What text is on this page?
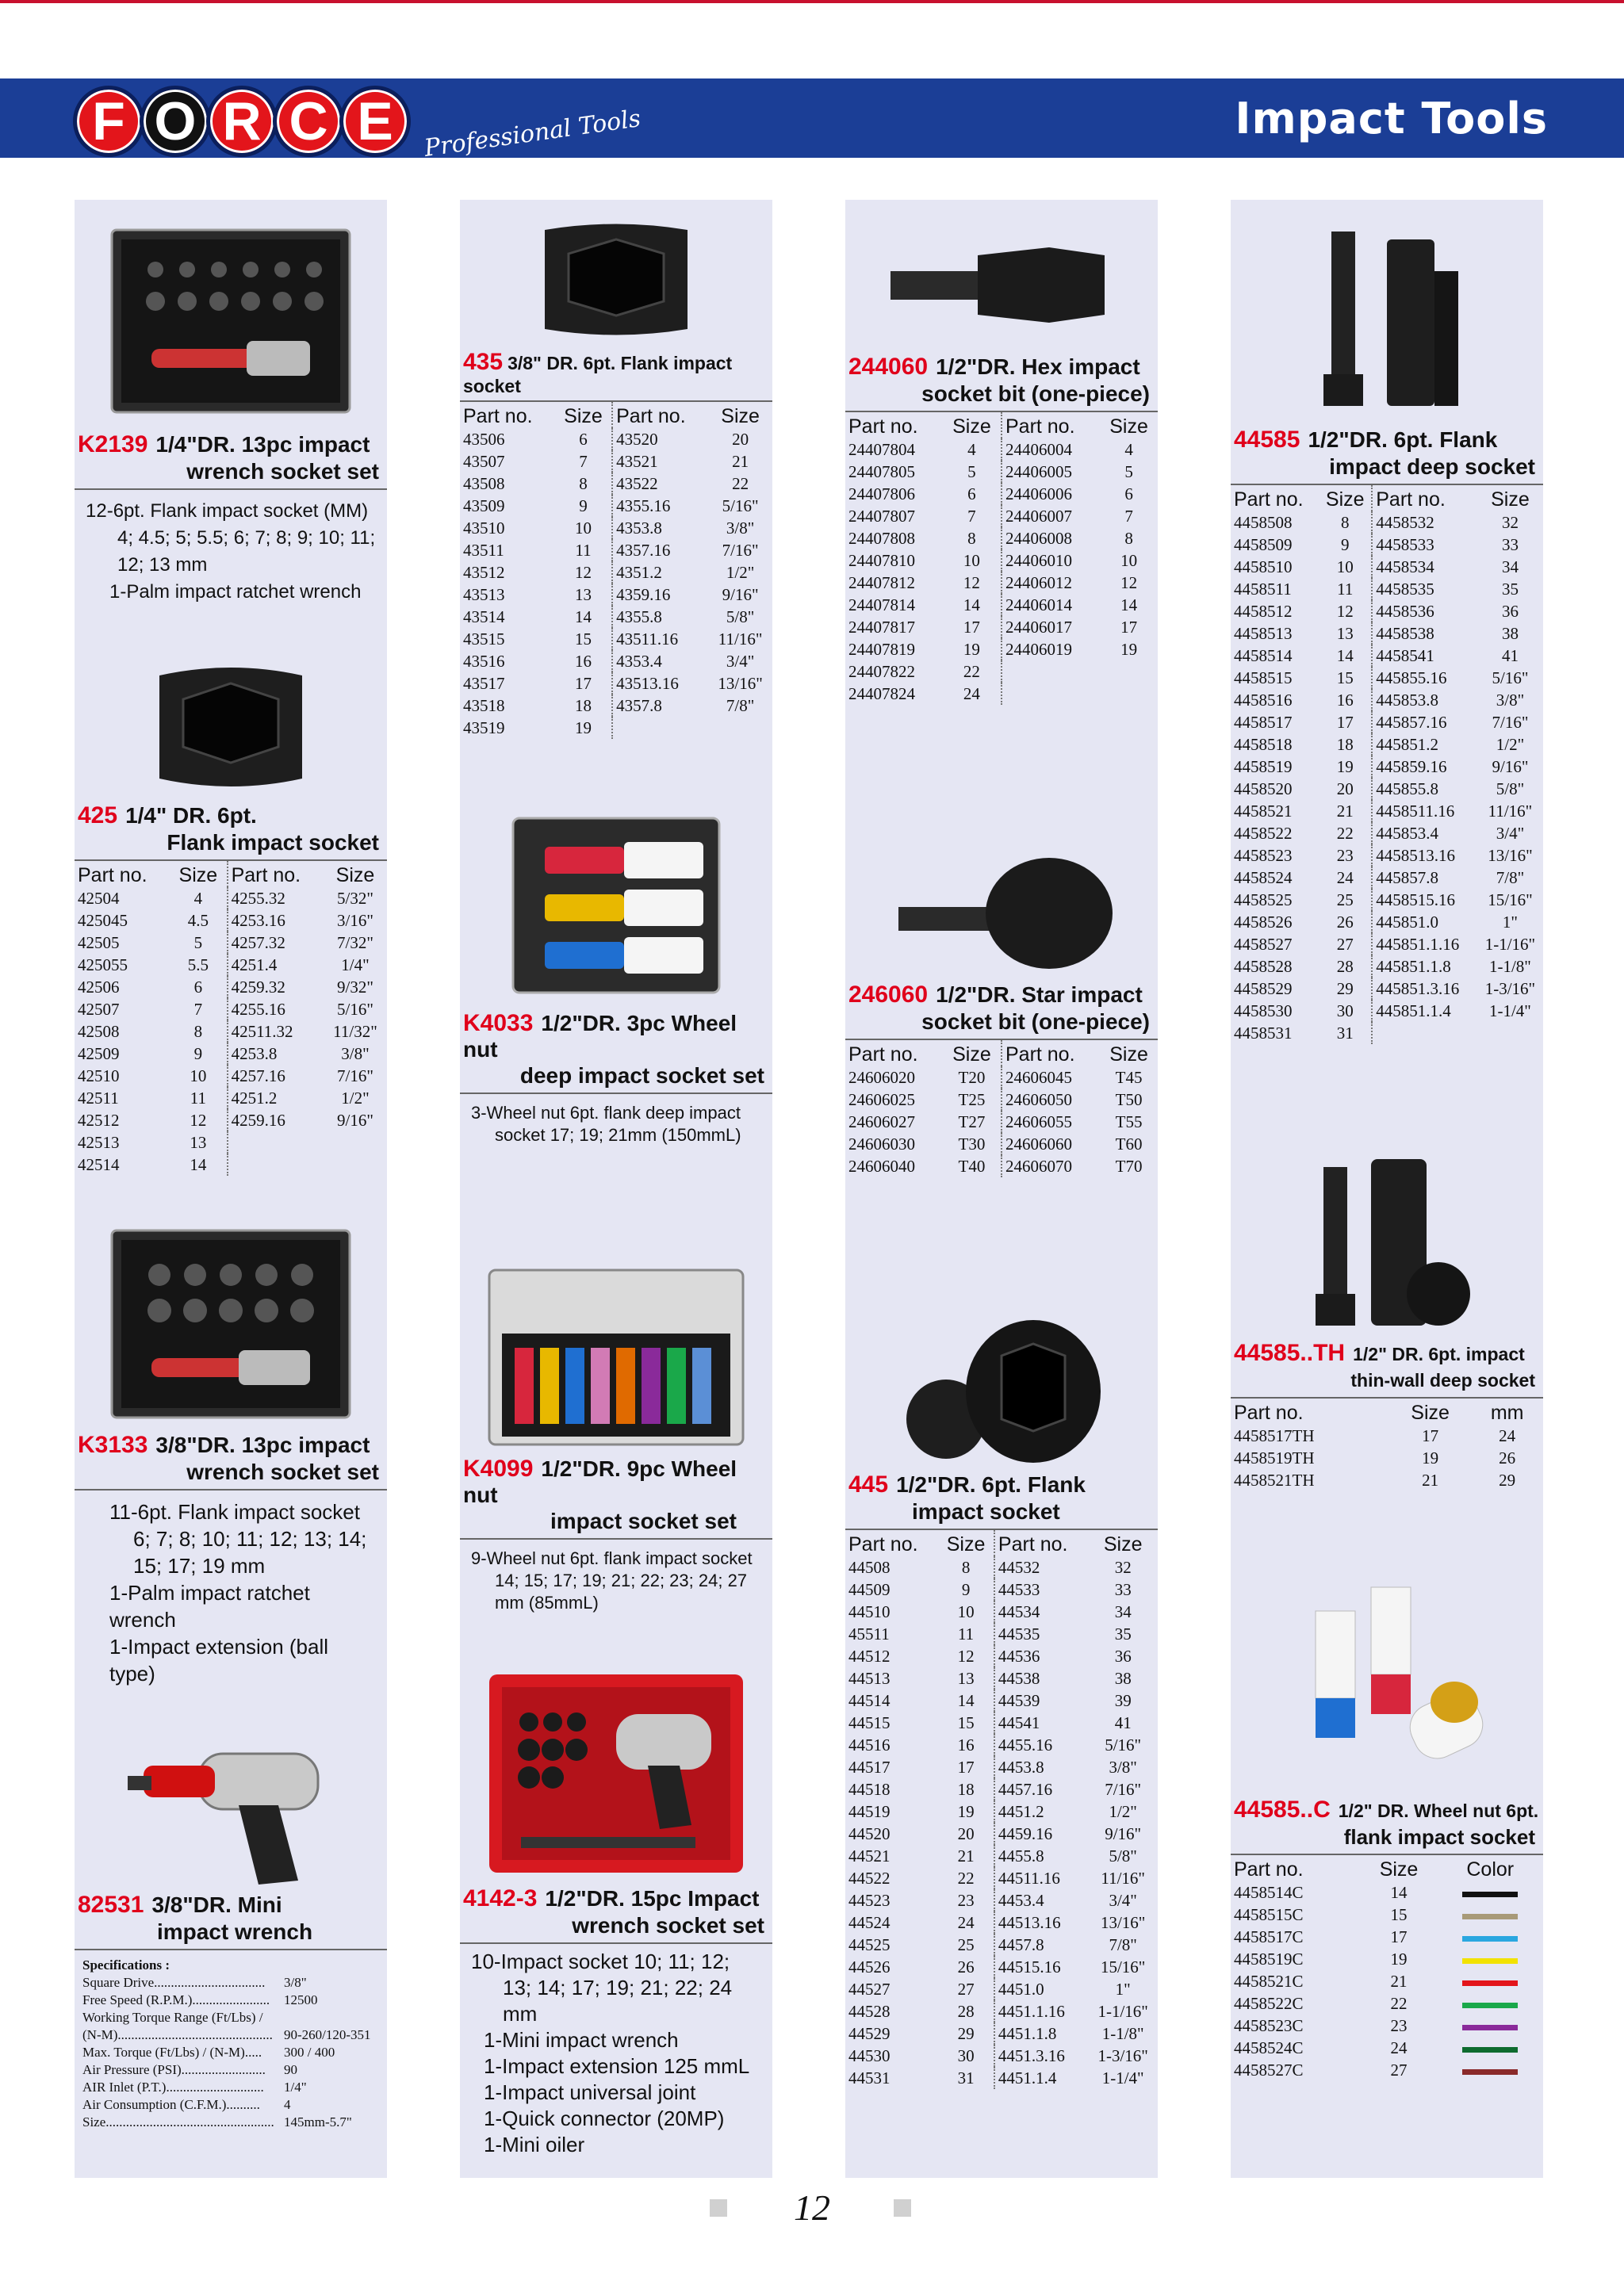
F O R C E	Professional Tools	Impact Tools
K2139 1/4"DR. 13pc impact
wrench socket set
12-6pt. Flank impact socket (MM)
4; 4.5; 5; 5.5; 6; 7; 8; 9; 10; 11;
12; 13 mm
1-Palm impact ratchet wrench
425 1/4" DR. 6pt.
Flank impact socket
Part no.	Size	Part no.	Size
42504	4	4255.32	5/32"
425045	4.5	4253.16	3/16"
42505	5	4257.32	7/32"
425055	5.5	4251.4	1/4"
42506	6	4259.32	9/32"
42507	7	4255.16	5/16"
42508	8	42511.32	11/32"
42509	9	4253.8	3/8"
42510	10	4257.16	7/16"
42511	11	4251.2	1/2"
42512	12	4259.16	9/16"
42513	13		
42514	14		
K3133 3/8"DR. 13pc impact
wrench socket set
11-6pt. Flank impact socket
6; 7; 8; 10; 11; 12; 13; 14;
15; 17; 19 mm
1-Palm impact ratchet wrench
1-Impact extension (ball type)
82531 3/8"DR. Mini
impact wrench
Specifications :
Square Drive.................................	3/8"
Free Speed (R.P.M.).......................	12500
Working Torque Range (Ft/Lbs) /
(N-M).............................................. 90-260/120-351
Max. Torque (Ft/Lbs) / (N-M).....	300 / 400
Air Pressure (PSI).........................	90
AIR Inlet (P.T.).............................	1/4"
Air Consumption (C.F.M.)..........	4
Size.................................................. 145mm-5.7"
435 3/8" DR. 6pt. Flank impact socket
Part no.	Size	Part no.	Size
43506	6	43520	20
43507	7	43521	21
43508	8	43522	22
43509	9	4355.16	5/16"
43510	10	4353.8	3/8"
43511	11	4357.16	7/16"
43512	12	4351.2	1/2"
43513	13	4359.16	9/16"
43514	14	4355.8	5/8"
43515	15	43511.16	11/16"
43516	16	4353.4	3/4"
43517	17	43513.16	13/16"
43518	18	4357.8	7/8"
43519	19		
K4033 1/2"DR. 3pc Wheel nut
deep impact socket set
3-Wheel nut 6pt. flank deep impact
socket 17; 19; 21mm (150mmL)
K4099 1/2"DR. 9pc Wheel nut
impact socket set
9-Wheel nut 6pt. flank impact socket
14; 15; 17; 19; 21; 22; 23; 24; 27
mm (85mmL)
4142-3 1/2"DR. 15pc Impact
wrench socket set
10-Impact socket 10; 11; 12;
13; 14; 17; 19; 21; 22; 24 mm
1-Mini impact wrench
1-Impact extension 125 mmL
1-Impact universal joint
1-Quick connector (20MP)
1-Mini oiler
244060 1/2"DR. Hex impact
socket bit (one-piece)
Part no.	Size	Part no.	Size
24407804	4	24406004	4
24407805	5	24406005	5
24407806	6	24406006	6
24407807	7	24406007	7
24407808	8	24406008	8
24407810	10	24406010	10
24407812	12	24406012	12
24407814	14	24406014	14
24407817	17	24406017	17
24407819	19	24406019	19
24407822	22		
24407824	24		
246060 1/2"DR. Star impact
socket bit (one-piece)
Part no.	Size	Part no.	Size
24606020	T20	24606045	T45
24606025	T25	24606050	T50
24606027	T27	24606055	T55
24606030	T30	24606060	T60
24606040	T40	24606070	T70
445 1/2"DR. 6pt. Flank
impact socket
Part no.	Size	Part no.	Size
44508	8	44532	32
44509	9	44533	33
44510	10	44534	34
45511	11	44535	35
44512	12	44536	36
44513	13	44538	38
44514	14	44539	39
44515	15	44541	41
44516	16	4455.16	5/16"
44517	17	4453.8	3/8"
44518	18	4457.16	7/16"
44519	19	4451.2	1/2"
44520	20	4459.16	9/16"
44521	21	4455.8	5/8"
44522	22	44511.16	11/16"
44523	23	4453.4	3/4"
44524	24	44513.16	13/16"
44525	25	4457.8	7/8"
44526	26	44515.16	15/16"
44527	27	4451.0	1"
44528	28	4451.1.16	1-1/16"
44529	29	4451.1.8	1-1/8"
44530	30	4451.3.16	1-3/16"
44531	31	4451.1.4	1-1/4"
44585 1/2"DR. 6pt. Flank
impact deep socket
Part no.	Size	Part no.	Size
4458508	8	4458532	32
4458509	9	4458533	33
4458510	10	4458534	34
4458511	11	4458535	35
4458512	12	4458536	36
4458513	13	4458538	38
4458514	14	4458541	41
4458515	15	445855.16	5/16"
4458516	16	445853.8	3/8"
4458517	17	445857.16	7/16"
4458518	18	445851.2	1/2"
4458519	19	445859.16	9/16"
4458520	20	445855.8	5/8"
4458521	21	4458511.16	11/16"
4458522	22	445853.4	3/4"
4458523	23	4458513.16	13/16"
4458524	24	445857.8	7/8"
4458525	25	4458515.16	15/16"
4458526	26	445851.0	1"
4458527	27	445851.1.16	1-1/16"
4458528	28	445851.1.8	1-1/8"
4458529	29	445851.3.16	1-3/16"
4458530	30	445851.1.4	1-1/4"
4458531	31		
44585..TH 1/2" DR. 6pt. impact
thin-wall deep socket
Part no.	Size	mm
4458517TH	17	24
4458519TH	19	26
4458521TH	21	29
44585..C 1/2" DR. Wheel nut 6pt.
flank impact socket
Part no.	Size	Color
4458514C	14	
4458515C	15	
4458517C	17	
4458519C	19	
4458521C	21	
4458522C	22	
4458523C	23	
4458524C	24	
4458527C	27	
12
